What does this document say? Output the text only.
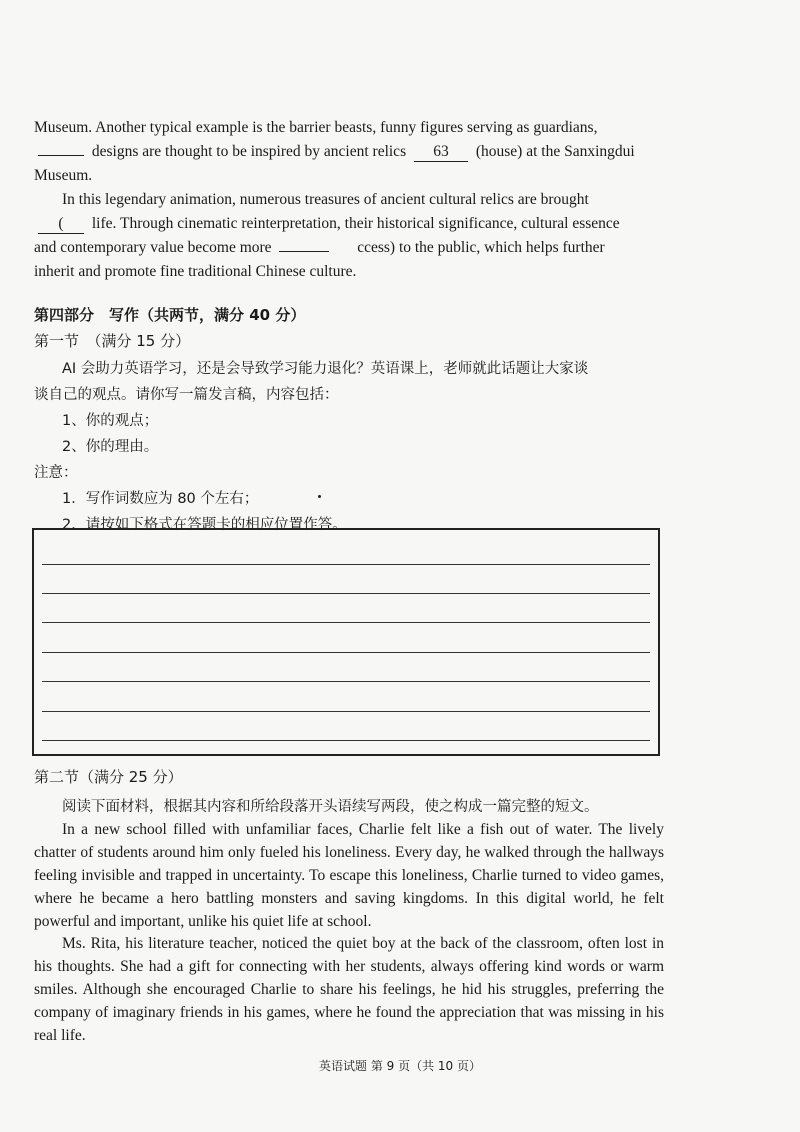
Museum. Another typical example is the barrier beasts, funny figures serving as guardians,
designs are thought to be inspired by ancient relics 63 (house) at the Sanxingdui
Museum.
In this legendary animation, numerous treasures of ancient cultural relics are brought
( life. Through cinematic reinterpretation, their historical significance, cultural essence
and contemporary value become more	ccess) to the public, which helps further
inherit and promote fine traditional Chinese culture.
第四部分　写作（共两节，满分 40 分）
第一节　（满分 15 分）
AI 会助力英语学习，还是会导致学习能力退化？英语课上，老师就此话题让大家谈
谈自己的观点。请你写一篇发言稿，内容包括：
1、你的观点；
2、你的理由。
注意：
1．写作词数应为 80 个左右；
2．请按如下格式在答题卡的相应位置作答。
第二节（满分 25 分）
阅读下面材料，根据其内容和所给段落开头语续写两段，使之构成一篇完整的短文。
In a new school filled with unfamiliar faces, Charlie felt like a fish out of water. The lively chatter of students around him only fueled his loneliness. Every day, he walked through the hallways feeling invisible and trapped in uncertainty. To escape this loneliness, Charlie turned to video games, where he became a hero battling monsters and saving kingdoms. In this digital world, he felt powerful and important, unlike his quiet life at school.
Ms. Rita, his literature teacher, noticed the quiet boy at the back of the classroom, often lost in his thoughts. She had a gift for connecting with her students, always offering kind words or warm smiles. Although she encouraged Charlie to share his feelings, he hid his struggles, preferring the company of imaginary friends in his games, where he found the appreciation that was missing in his real life.
英语试题 第 9 页（共 10 页）
